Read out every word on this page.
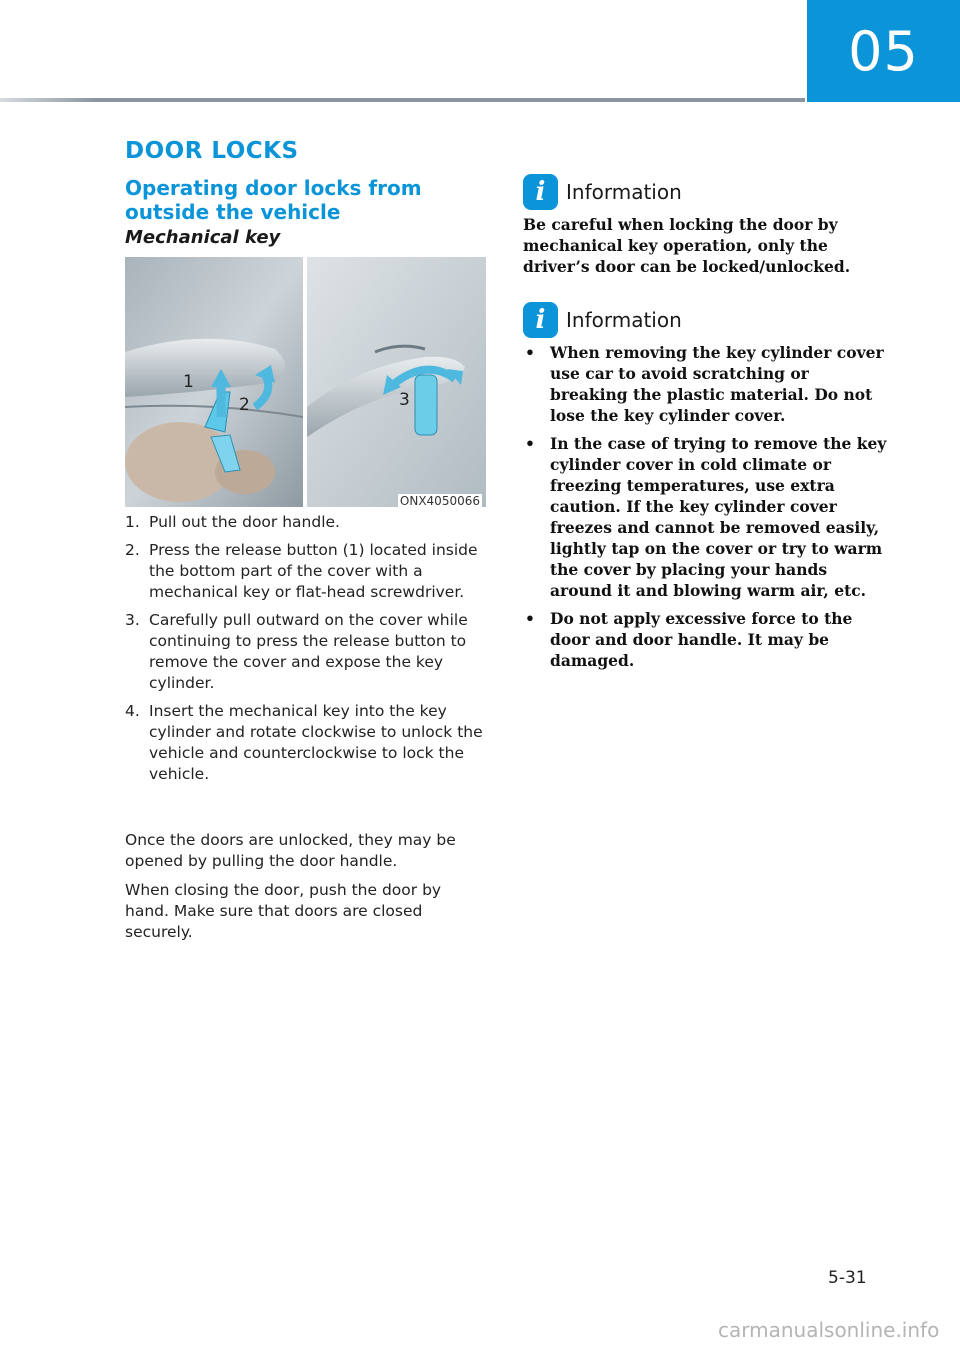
05
DOOR LOCKS
Operating door locks from outside the vehicle
Mechanical key
1
2	3
ONX4050066
1. Pull out the door handle.
2. Press the release button (1) located inside the bottom part of the cover with a mechanical key or flat-head screwdriver.
3. Carefully pull outward on the cover while continuing to press the release button to remove the cover and expose the key cylinder.
4. Insert the mechanical key into the key cylinder and rotate clockwise to unlock the vehicle and counterclockwise to lock the vehicle.

Once the doors are unlocked, they may be opened by pulling the door handle.

When closing the door, push the door by hand. Make sure that doors are closed securely.

i	Information

Be careful when locking the door by mechanical key operation, only the driver’s door can be locked/unlocked.

i	Information
• When removing the key cylinder cover use car to avoid scratching or breaking the plastic material. Do not lose the key cylinder cover.
• In the case of trying to remove the key cylinder cover in cold climate or freezing temperatures, use extra caution. If the key cylinder cover freezes and cannot be removed easily, lightly tap on the cover or try to warm the cover by placing your hands around it and blowing warm air, etc.
• Do not apply excessive force to the door and door handle. It may be damaged.
5-31
carmanualsonline.info
